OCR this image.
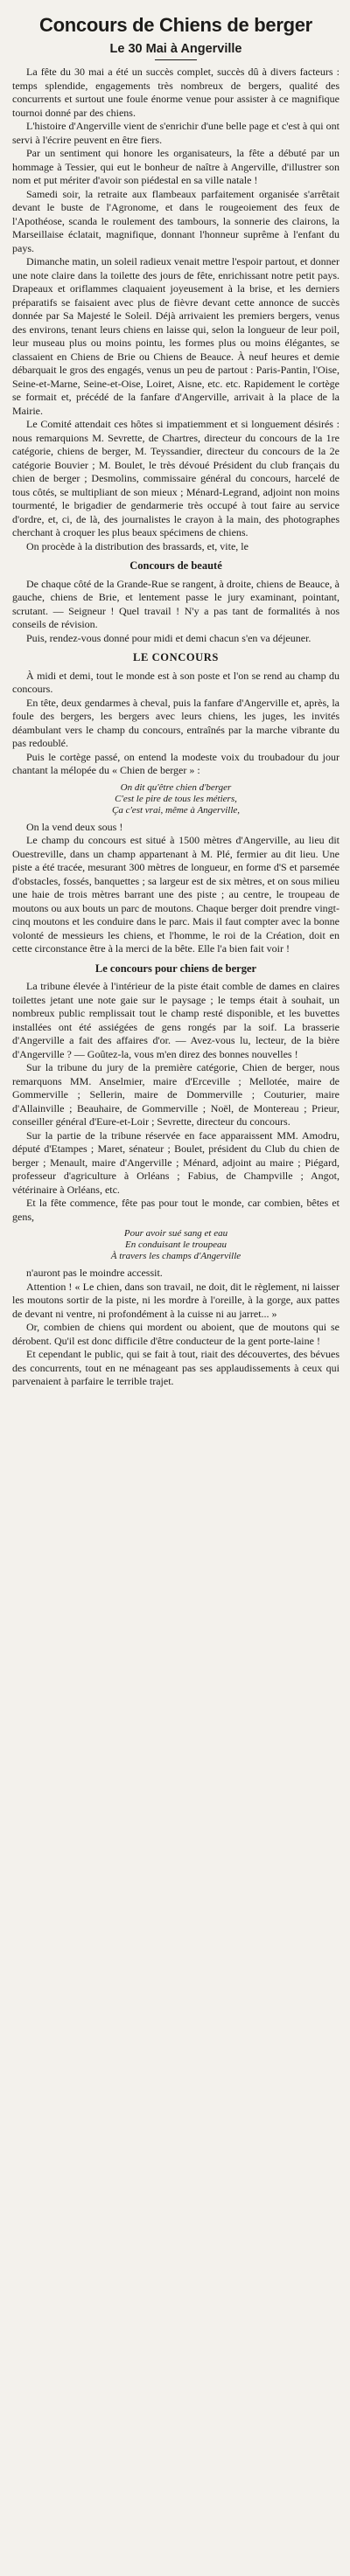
Concours de Chiens de berger
Le 30 Mai à Angerville

La fête du 30 mai a été un succès complet, succès dû à divers facteurs : temps splendide, engagements très nombreux de bergers, qualité des concurrents et surtout une foule énorme venue pour assister à ce magnifique tournoi donné par des chiens.

L'histoire d'Angerville vient de s'enrichir d'une belle page et c'est à qui ont servi à l'écrire peuvent en être fiers.

Par un sentiment qui honore les organisateurs, la fête a débuté par un hommage à Tessier, qui eut le bonheur de naître à Angerville, d'illustrer son nom et put mériter d'avoir son piédestal en sa ville natale !

Samedi soir, la retraite aux flambeaux parfaitement organisée s'arrêtait devant le buste de l'Agronome, et dans le rougeoiement des feux de l'Apothéose, scanda le roulement des tambours, la sonnerie des clairons, la Marseillaise éclatait, magnifique, donnant l'honneur suprême à l'enfant du pays.

Dimanche matin, un soleil radieux venait mettre l'espoir partout, et donner une note claire dans la toilette des jours de fête, enrichissant notre petit pays. Drapeaux et oriflammes claquaient joyeusement à la brise, et les derniers préparatifs se faisaient avec plus de fièvre devant cette annonce de succès donnée par Sa Majesté le Soleil. Déjà arrivaient les premiers bergers, venus des environs, tenant leurs chiens en laisse qui, selon la longueur de leur poil, leur museau plus ou moins pointu, les formes plus ou moins élégantes, se classaient en Chiens de Brie ou Chiens de Beauce. À neuf heures et demie débarquait le gros des engagés, venus un peu de partout : Paris-Pantin, l'Oise, Seine-et-Marne, Seine-et-Oise, Loiret, Aisne, etc. etc. Rapidement le cortège se formait et, précédé de la fanfare d'Angerville, arrivait à la place de la Mairie.

Le Comité attendait ces hôtes si impatiemment et si longuement désirés : nous remarquions M. Sevrette, de Chartres, directeur du concours de la 1re catégorie, chiens de berger, M. Teyssandier, directeur du concours de la 2e catégorie Bouvier ; M. Boulet, le très dévoué Président du club français du chien de berger ; Desmolins, commissaire général du concours, harcelé de tous côtés, se multipliant de son mieux ; Ménard-Legrand, adjoint non moins tourmenté, le brigadier de gendarmerie très occupé à tout faire au service d'ordre, et, ci, de là, des journalistes le crayon à la main, des photographes cherchant à croquer les plus beaux spécimens de chiens.

On procède à la distribution des brassards, et, vite, le

Concours de beauté

De chaque côté de la Grande-Rue se rangent, à droite, chiens de Beauce, à gauche, chiens de Brie, et lentement passe le jury examinant, pointant, scrutant. — Seigneur ! Quel travail ! N'y a pas tant de formalités à nos conseils de révision.

Puis, rendez-vous donné pour midi et demi chacun s'en va déjeuner.

LE CONCOURS

À midi et demi, tout le monde est à son poste et l'on se rend au champ du concours.

En tête, deux gendarmes à cheval, puis la fanfare d'Angerville et, après, la foule des bergers, les bergers avec leurs chiens, les juges, les invités déambulant vers le champ du concours, entraînés par la marche vibrante du pas redoublé.

Puis le cortège passé, on entend la modeste voix du troubadour du jour chantant la mélopée du « Chien de berger » :

On dit qu'être chien d'berger
C'est le pire de tous les métiers,
Ça c'est vrai, même à Angerville,

On la vend deux sous !

Le champ du concours est situé à 1500 mètres d'Angerville, au lieu dit Ouestreville, dans un champ appartenant à M. Plé, fermier au dit lieu. Une piste a été tracée, mesurant 300 mètres de longueur, en forme d'S et parsemée d'obstacles, fossés, banquettes ; sa largeur est de six mètres, et on sous milieu une haie de trois mètres barrant une des piste ; au centre, le troupeau de moutons ou aux bouts un parc de moutons. Chaque berger doit prendre vingt-cinq moutons et les conduire dans le parc. Mais il faut compter avec la bonne volonté de messieurs les chiens, et l'homme, le roi de la Création, doit en cette circonstance être à la merci de la bête. Elle l'a bien fait voir !

Le concours pour chiens de berger

La tribune élevée à l'intérieur de la piste était comble de dames en claires toilettes jetant une note gaie sur le paysage ; le temps était à souhait, un nombreux public remplissait tout le champ resté disponible, et les buvettes installées ont été assiégées de gens rongés par la soif. La brasserie d'Angerville a fait des affaires d'or. — Avez-vous lu, lecteur, de la bière d'Angerville ? — Goûtez-la, vous m'en direz des bonnes nouvelles !

Sur la tribune du jury de la première catégorie, Chien de berger, nous remarquons MM. Anselmier, maire d'Erceville ; Mellotée, maire de Gommerville ; Sellerin, maire de Dommerville ; Couturier, maire d'Allainville ; Beauhaire, de Gommerville ; Noël, de Montereau ; Prieur, conseiller général d'Eure-et-Loir ; Sevrette, directeur du concours.

Sur la partie de la tribune réservée en face apparaissent MM. Amodru, député d'Etampes ; Maret, sénateur ; Boulet, président du Club du chien de berger ; Menault, maire d'Angerville ; Ménard, adjoint au maire ; Piégard, professeur d'agriculture à Orléans ; Fabius, de Champville ; Angot, vétérinaire à Orléans, etc.

Et la fête commence, fête pas pour tout le monde, car combien, bêtes et gens,

Pour avoir sué sang et eau
En conduisant le troupeau
À travers les champs d'Angerville

n'auront pas le moindre accessit.

Attention ! « Le chien, dans son travail, ne doit, dit le règlement, ni laisser les moutons sortir de la piste, ni les mordre à l'oreille, à la gorge, aux pattes de devant ni ventre, ni profondément à la cuisse ni au jarret... »

Or, combien de chiens qui mordent ou aboient, que de moutons qui se dérobent. Qu'il est donc difficile d'être conducteur de la gent porte-laine !

Et cependant le public, qui se fait à tout, riait des découvertes, des bévues des concurrents, tout en ne ménageant pas ses applaudissements à ceux qui parvenaient à parfaire le terrible trajet.
